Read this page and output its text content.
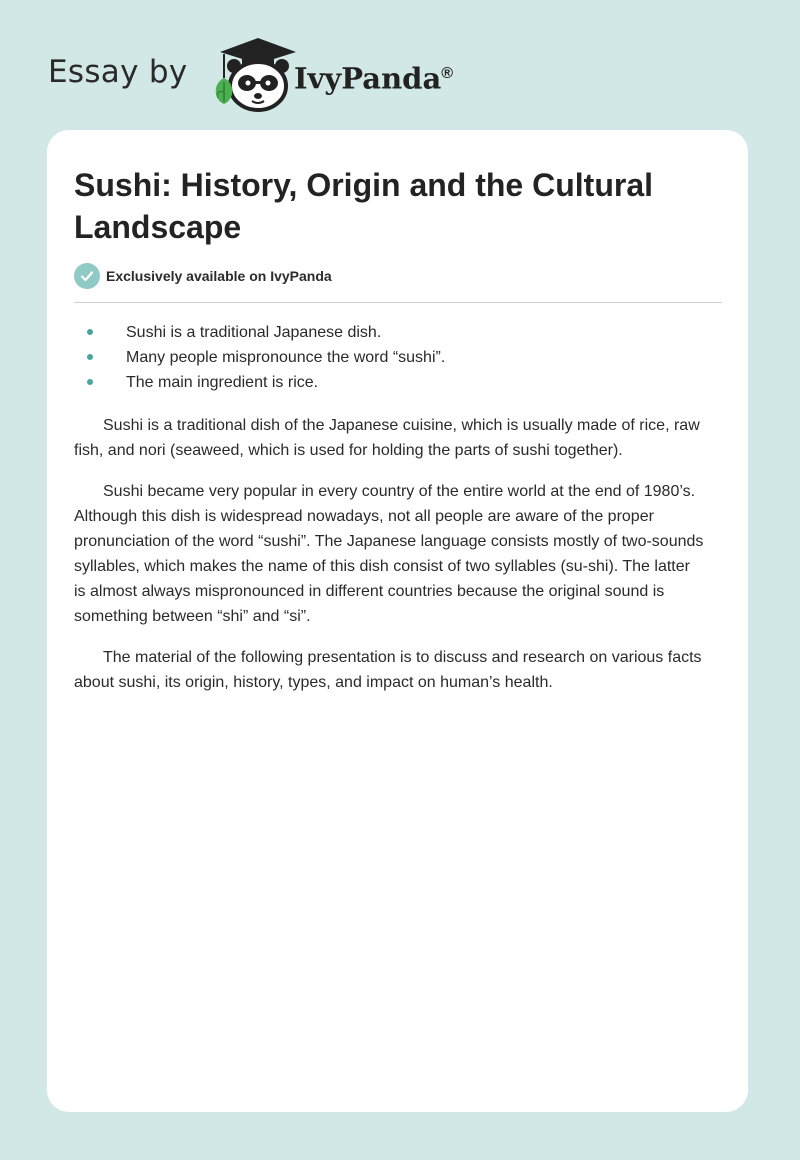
Essay by	IvyPanda®
Sushi: History, Origin and the Cultural Landscape
Exclusively available on IvyPanda
Sushi is a traditional Japanese dish.
Many people mispronounce the word “sushi”.
The main ingredient is rice.

Sushi is a traditional dish of the Japanese cuisine, which is usually made of rice, raw fish, and nori (seaweed, which is used for holding the parts of sushi together).

Sushi became very popular in every country of the entire world at the end of 1980’s. Although this dish is widespread nowadays, not all people are aware of the proper pronunciation of the word “sushi”. The Japanese language consists mostly of two-sounds syllables, which makes the name of this dish consist of two syllables (su-shi). The latter is almost always mispronounced in different countries because the original sound is something between “shi” and “si”.

The material of the following presentation is to discuss and research on various facts about sushi, its origin, history, types, and impact on human’s health.
